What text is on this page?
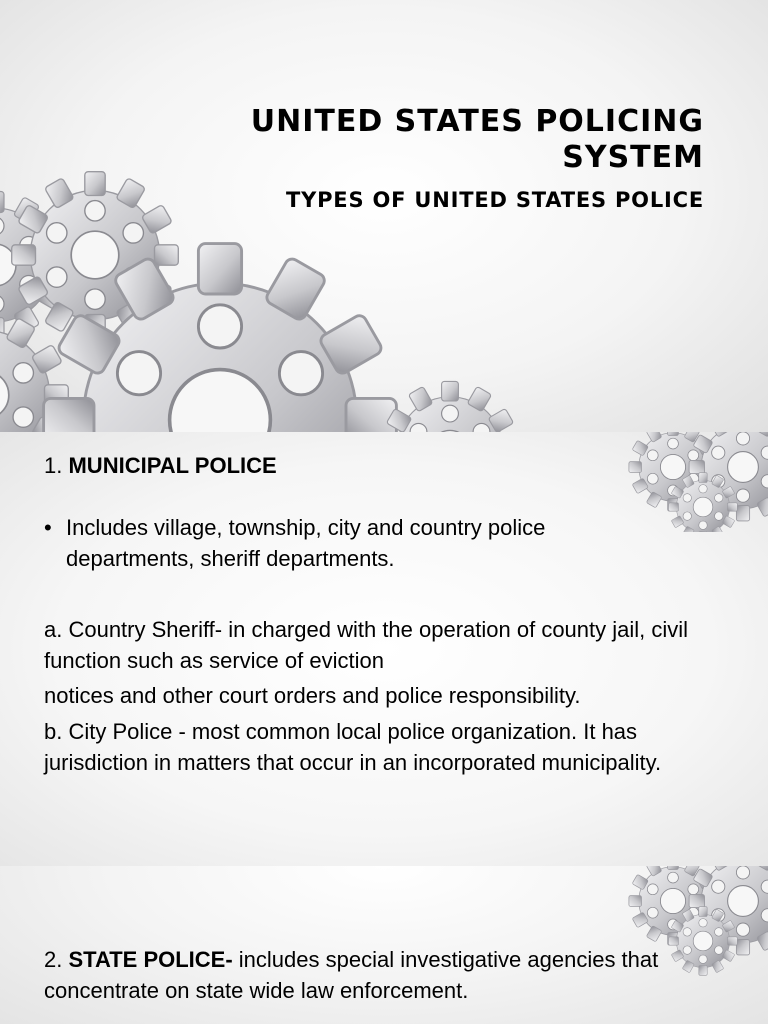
UNITED STATES POLICING SYSTEM
TYPES OF UNITED STATES POLICE
1. MUNICIPAL POLICE
• Includes village, township, city and country police departments, sheriff departments.
a. Country Sheriff- in charged with the operation of county jail, civil function such as service of eviction
notices and other court orders and police responsibility.
b. City Police - most common local police organization. It has jurisdiction in matters that occur in an incorporated municipality.
2. STATE POLICE- includes special investigative agencies that concentrate on state wide law enforcement.
